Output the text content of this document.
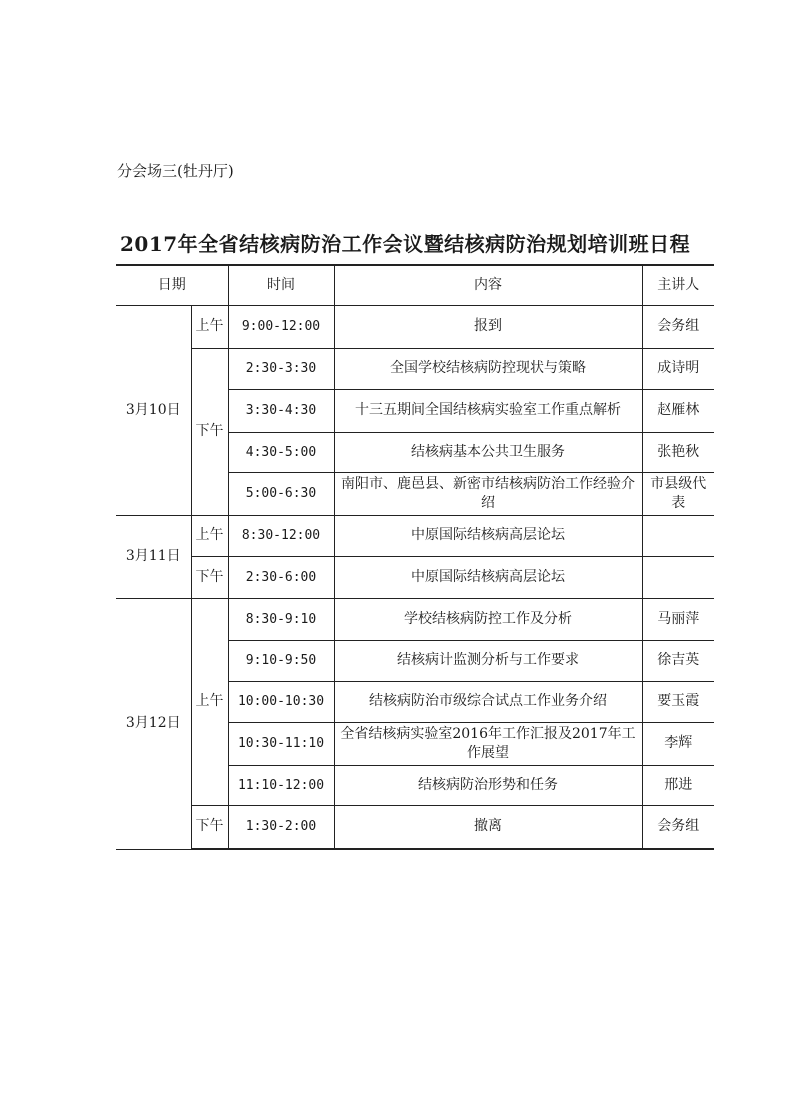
分会场三(牡丹厅)
2017年全省结核病防治工作会议暨结核病防治规划培训班日程
日期		时间	内容	主讲人
3月10日	上午	9:00-12:00	报到	会务组
	下午	2:30-3:30	全国学校结核病防控现状与策略	成诗明
		3:30-4:30	十三五期间全国结核病实验室工作重点解析	赵雁林
		4:30-5:00	结核病基本公共卫生服务	张艳秋
		5:00-6:30	南阳市、鹿邑县、新密市结核病防治工作经验介绍	市县级代表
3月11日	上午	8:30-12:00	中原国际结核病高层论坛	
	下午	2:30-6:00	中原国际结核病高层论坛	
3月12日	上午	8:30-9:10	学校结核病防控工作及分析	马丽萍
		9:10-9:50	结核病计监测分析与工作要求	徐吉英
		10:00-10:30	结核病防治市级综合试点工作业务介绍	要玉霞
		10:30-11:10	全省结核病实验室2016年工作汇报及2017年工作展望	李辉
		11:10-12:00	结核病防治形势和任务	邢进
	下午	1:30-2:00	撤离	会务组
